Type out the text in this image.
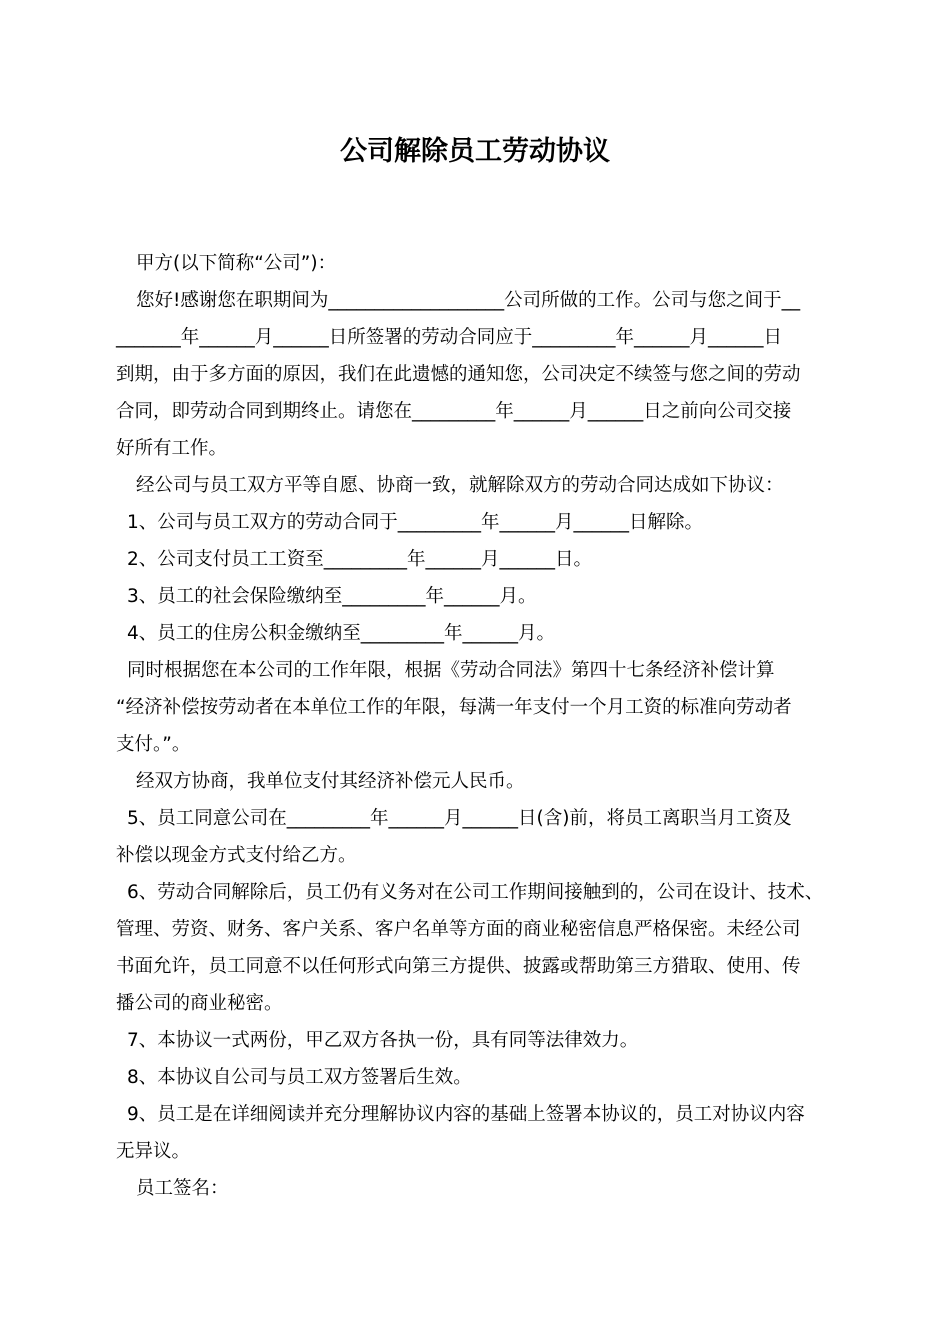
公司解除员工劳动协议
甲方(以下简称“公司”)：
您好!感谢您在职期间为___________________公司所做的工作。公司与您之间于__
_______年______月______日所签署的劳动合同应于_________年______月______日
到期，由于多方面的原因，我们在此遗憾的通知您，公司决定不续签与您之间的劳动
合同，即劳动合同到期终止。请您在_________年______月______日之前向公司交接
好所有工作。
经公司与员工双方平等自愿、协商一致，就解除双方的劳动合同达成如下协议：
1、公司与员工双方的劳动合同于_________年______月______日解除。
2、公司支付员工工资至_________年______月______日。
3、员工的社会保险缴纳至_________年______月。
4、员工的住房公积金缴纳至_________年______月。
同时根据您在本公司的工作年限，根据《劳动合同法》第四十七条经济补偿计算
“经济补偿按劳动者在本单位工作的年限，每满一年支付一个月工资的标准向劳动者
支付。”。
经双方协商，我单位支付其经济补偿元人民币。
5、员工同意公司在_________年______月______日(含)前，将员工离职当月工资及
补偿以现金方式支付给乙方。
6、劳动合同解除后，员工仍有义务对在公司工作期间接触到的，公司在设计、技术、
管理、劳资、财务、客户关系、客户名单等方面的商业秘密信息严格保密。未经公司
书面允许，员工同意不以任何形式向第三方提供、披露或帮助第三方猎取、使用、传
播公司的商业秘密。
7、本协议一式两份，甲乙双方各执一份，具有同等法律效力。
8、本协议自公司与员工双方签署后生效。
9、员工是在详细阅读并充分理解协议内容的基础上签署本协议的，员工对协议内容
无异议。
员工签名：
